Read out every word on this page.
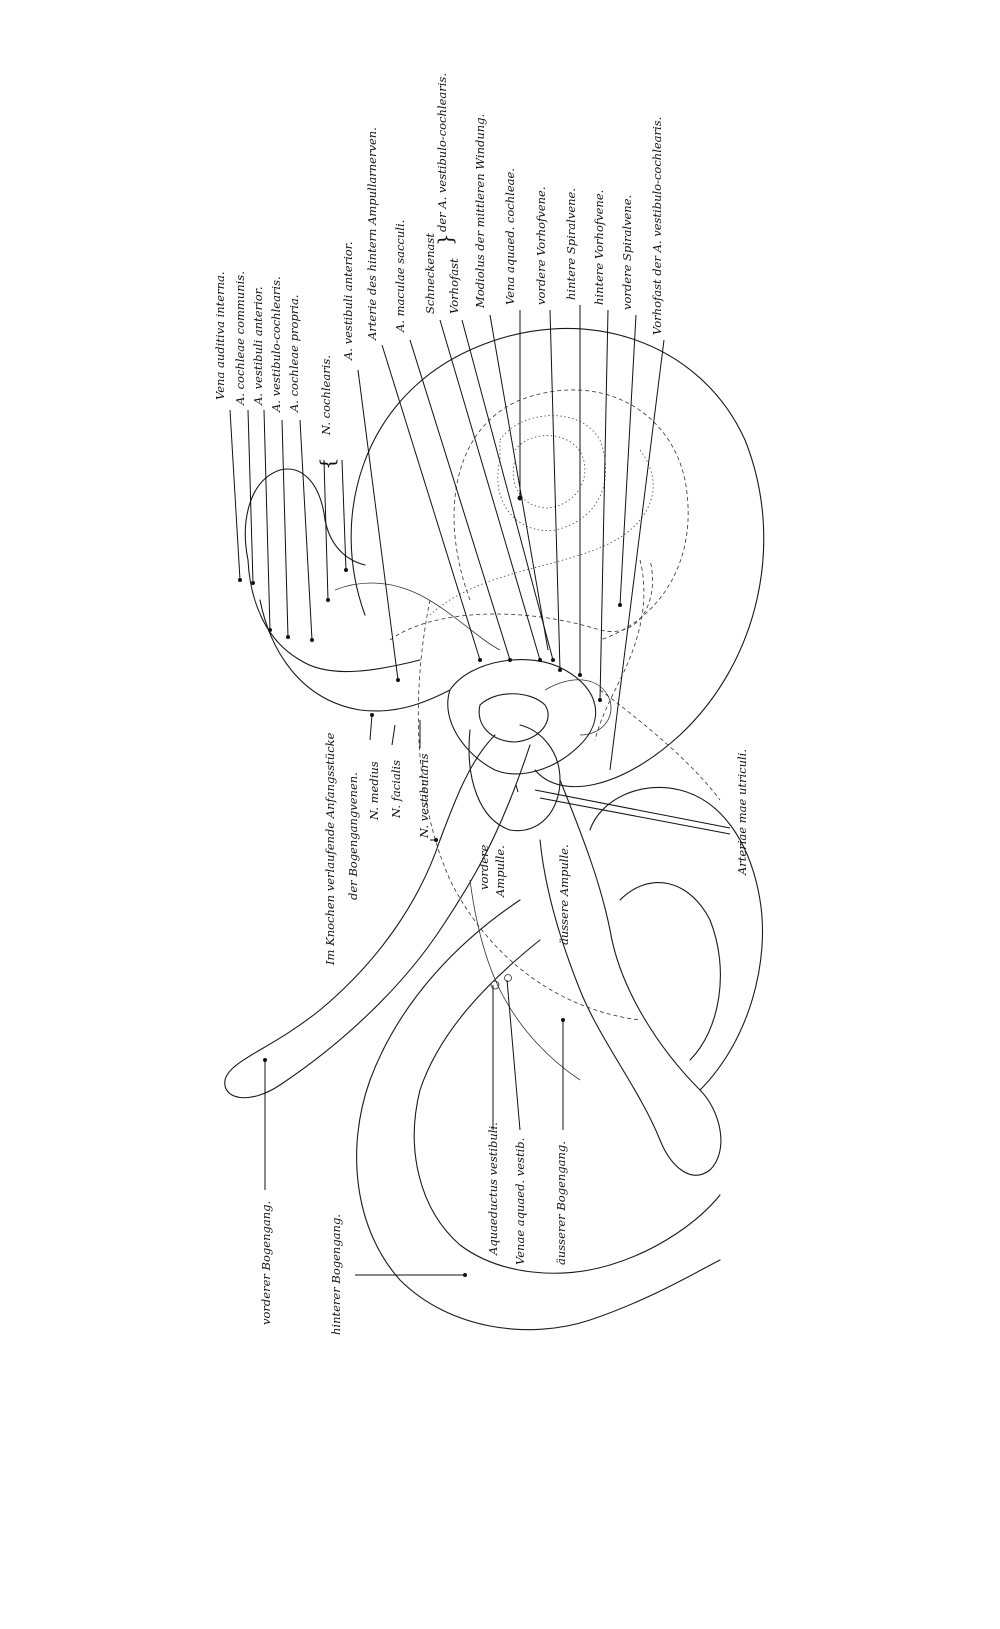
Vena auditiva interna. A. cochleae communis. A. vestibuli anterior. A. vestibulo-cochlearis. A. cochleae propria.
{
N. cochlearis.
A. vestibuli anterior. Arterie des hintern Ampullarnerven. A. maculae sacculi. Schneckenast Vorhofast
}
der A. vestibulo-cochlearis. Modiolus der mittleren Windung. Vena aquaed. cochleae. vordere Vorhofvene. hintere Spiralvene. hintere Vorhofvene. vordere Spiralvene. Vorhofast der A. vestibulo-cochlearis.
Arteriae mae utriculi.
N. medius N. facialis N. vestibularis
Im Knochen verlaufende Anfangsstücke der Bogengangvenen.	vordere Ampulle.	äussere Ampulle.
Aquaeductus vestibuli. Venae aquaed. vestib. äusserer Bogengang.
vorderer Bogengang.	hinterer Bogengang.
